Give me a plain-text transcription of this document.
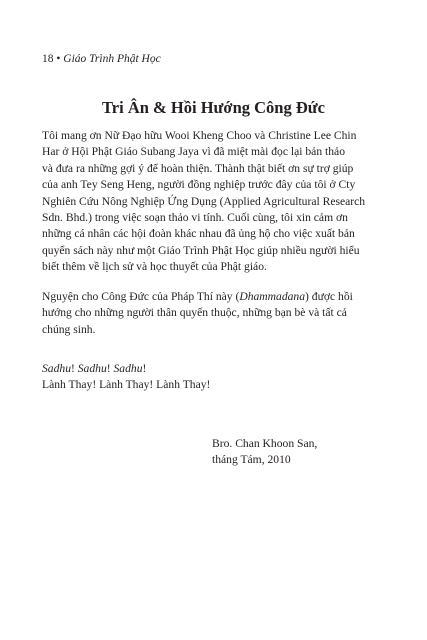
18 • Giáo Trình Phật Học
Tri Ân & Hồi Hướng Công Đức
Tôi mang ơn Nữ Đạo hữu Wooi Kheng Choo và Christine Lee Chin
Har ở Hội Phật Giáo Subang Jaya vì đã miệt mài đọc lại bản thảo
và đưa ra những gợi ý để hoàn thiện. Thành thật biết ơn sự trợ giúp
của anh Tey Seng Heng, người đồng nghiệp trước đây của tôi ở Cty
Nghiên Cứu Nông Nghiệp Ứng Dụng (Applied Agricultural Research
Sdn. Bhd.) trong việc soạn thảo vi tính. Cuối cùng, tôi xin cảm ơn
những cá nhân các hội đoàn khác nhau đã ủng hộ cho việc xuất bản
quyển sách này như một Giáo Trình Phật Học giúp nhiều người hiểu
biết thêm về lịch sử và học thuyết của Phật giáo.
Nguyện cho Công Đức của Pháp Thí này (Dhammadana) được hồi
hướng cho những người thân quyến thuộc, những bạn bè và tất cả
chúng sinh.
Sadhu! Sadhu! Sadhu!
Lành Thay! Lành Thay! Lành Thay!
Bro. Chan Khoon San,
tháng Tám, 2010
